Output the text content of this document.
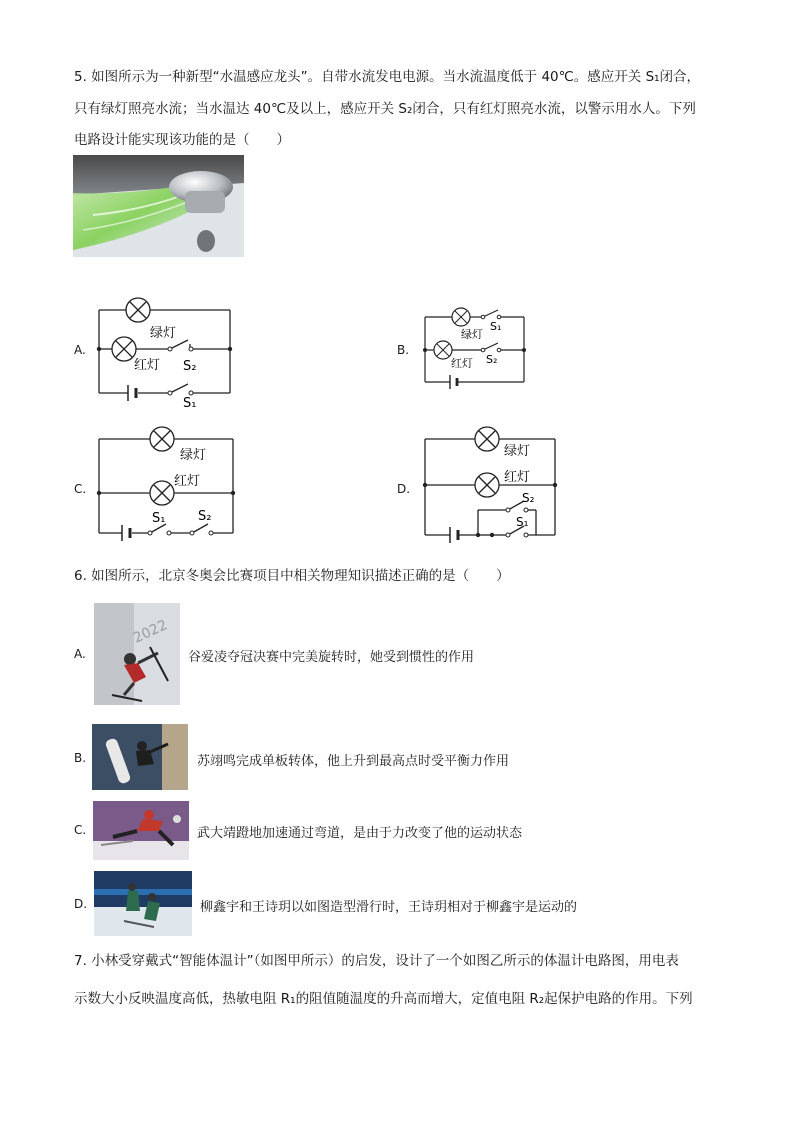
5. 如图所示为一种新型“水温感应龙头”。自带水流发电电源。当水流温度低于 40℃。感应开关 S₁闭合，
只有绿灯照亮水流；当水温达 40℃及以上，感应开关 S₂闭合，只有红灯照亮水流，以警示用水人。下列
电路设计能实现该功能的是（　　）
A.
绿灯
红灯 S₂
S₁
B.
绿灯
红灯
S₁
S₂
C.
绿灯
红灯
S₁	S₂
D.
绿灯
红灯
S₂
S₁
6. 如图所示，北京冬奥会比赛项目中相关物理知识描述正确的是（　　）
A.
2022
谷爱凌夺冠决赛中完美旋转时，她受到惯性的作用
B.	苏翊鸣完成单板转体，他上升到最高点时受平衡力作用
C.	武大靖蹬地加速通过弯道，是由于力改变了他的运动状态
D.	柳鑫宇和王诗玥以如图造型滑行时，王诗玥相对于柳鑫宇是运动的
7. 小林受穿戴式“智能体温计”（如图甲所示）的启发，设计了一个如图乙所示的体温计电路图，用电表
示数大小反映温度高低，热敏电阻 R₁的阻值随温度的升高而增大，定值电阻 R₂起保护电路的作用。下列
